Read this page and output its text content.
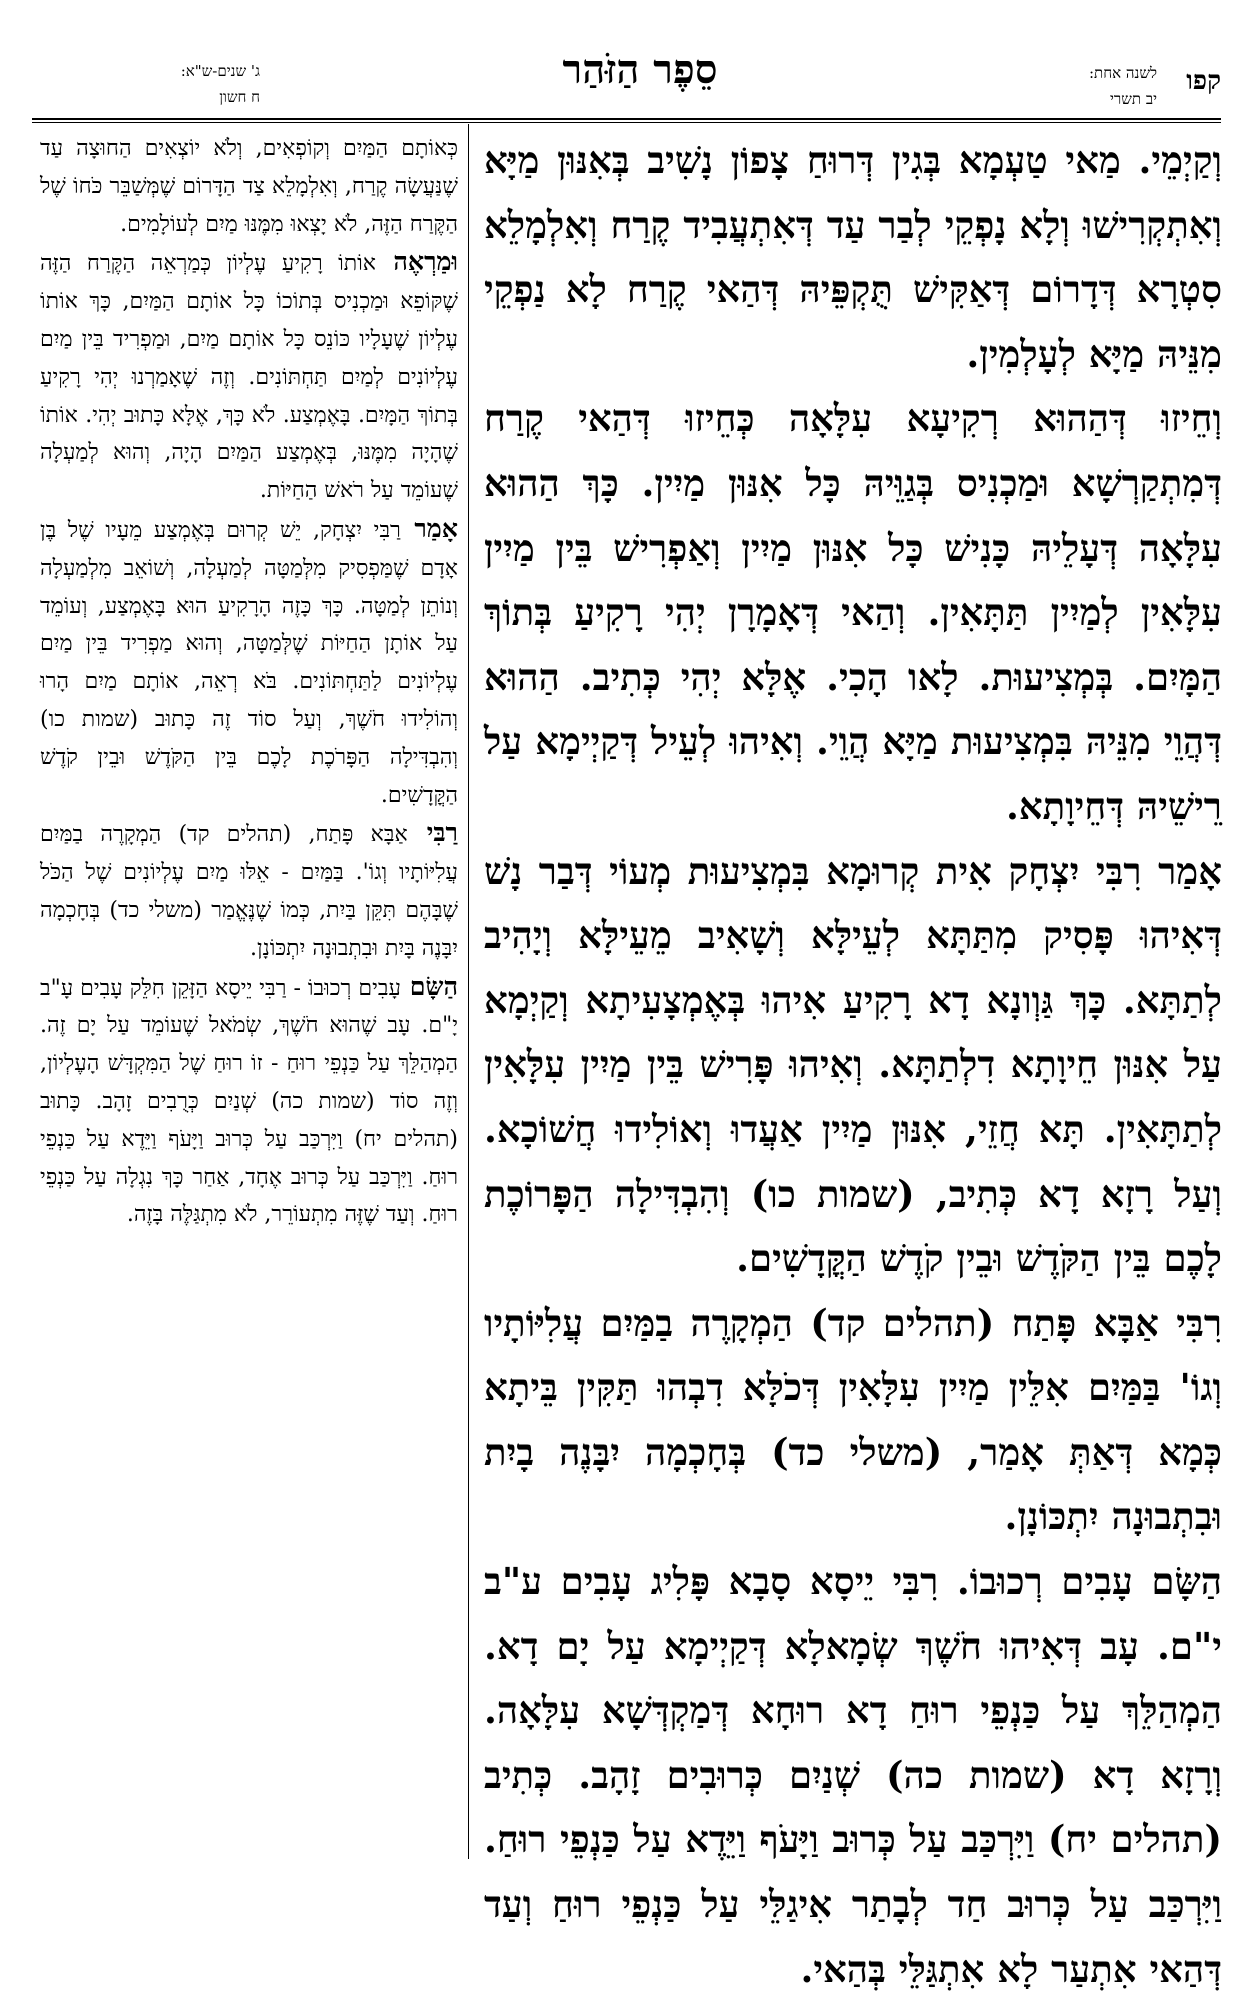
קפו
לשנה אחת:
יב תשרי
סֵפֶר הַזֹּהַר
ג' שנים-ש"א:
ח חשון

וְקַיְמֵי. מַאי טַעְמָא בְּגִין דְּרוּחַ צָפוֹן נָשִׁיב בְּאִנּוּן מַיָּא וְאִתְקְרִישׁוּ וְלָא נָפְקֵי לְבַר עַד דְּאִתְעֲבִיד קֶרַח וְאִלְמָלֵא סִטְרָא דְּדָרוֹם דְּאַקִּישׁ תֻּקְפֵּיהּ דְּהַאי קֶרַח לָא נַפְקֵי מִנֵּיהּ מַיָּא לְעָלְמִין.

וְחֵיזוּ דְּהַהוּא רְקִיעָא עִלָּאָה כְּחֵיזוּ דְּהַאי קֶרַח דְּמִתְקַרְשָׁא וּמַכְנִיס בְּגַוֵּיהּ כָּל אִנּוּן מַיִין. כָּךְ הַהוּא עִלָּאָה דְּעָלֵיהּ כָּנִישׁ כָּל אִנּוּן מַיִין וְאַפְרִישׁ בֵּין מַיִין עִלָּאִין לְמַיִין תַּתָּאִין. וְהַאי דְּאָמָרָן יְהִי רָקִיעַ בְּתוֹךְ הַמָּיִם. בְּמְצִיעוּת. לָאו הָכִי. אֶלָּא יְהִי כְּתִיב. הַהוּא דְּהֲוֵי מִנֵּיהּ בִּמְצִיעוּת מַיָּא הֲוֵי. וְאִיהוּ לְעֵיל דְּקַיְימָא עַל רֵישֵׁיהּ דְּחֵיוָתָא.

אָמַר רִבִּי יִצְחָק אִית קְרוּמָא בִּמְצִיעוּת מְעוֹי דְּבַר נָשׁ דְּאִיהוּ פָּסִיק מִתַּתָּא לְעֵילָּא וְשָׁאִיב מֵעֵילָּא וְיָהִיב לְתַתָּא. כָּךְ גַּוְונָא דָא רָקִיעַ אִיהוּ בְּאֶמְצָעִיתָא וְקַיְמָא עַל אִנּוּן חֵיוָתָא דִלְתַתָּא. וְאִיהוּ פָּרִישׁ בֵּין מַיִין עִלָּאִין לְתַתָּאִין. תָּא חֲזֵי, אִנּוּן מַיִין אַעֲדוּ וְאוֹלִידוּ חֲשׁוֹכָא. וְעַל רָזָא דָא כְּתִיב, (שמות כו) וְהִבְדִּילָה הַפָּרוֹכֶת לָכֶם בֵּין הַקֹּדֶשׁ וּבֵין קֹדֶשׁ הַקֳּדָשִׁים.

רִבִּי אַבָּא פָּתַח (תהלים קד) הַמְקָרֶה בַמַּיִם עֲלִיּוֹתָיו וְגוֹ' בַּמַּיִם אִלֵּין מַיִין עִלָּאִין דְּכֹלָּא דִבְהוּ תַּקִּין בֵּיתָא כְּמָא דְּאַתְּ אָמַר, (משלי כד) בְּחָכְמָה יִבָּנֶה בָיִת וּבִתְבוּנָה יִתְכּוֹנָן.

הַשָּׂם עָבִים רְכוּבוֹ. רִבִּי יֵיסָא סָבָא פָּלִיג עָבִים ע"ב י"ם. עָב דְּאִיהוּ חֹשֶׁךְ שְׂמָאלָא דְּקַיְימָא עַל יָם דָא. הַמְהַלֵּךְ עַל כַּנְפֵי רוּחַ דָא רוּחָא דְּמַקְדְּשָׁא עִלָּאָה. וְרָזָא דָא (שמות כה) שְׁנַיִם כְּרוּבִים זָהָב. כְּתִיב (תהלים יח) וַיִּרְכַּב עַל כְּרוּב וַיָּעֹף וַיֵּדֶא עַל כַּנְפֵי רוּחַ. וַיִּרְכַּב עַל כְּרוּב חַד לְבָתַר אִיגַלֵּי עַל כַּנְפֵי רוּחַ וְעַד דְּהַאי אִתְעַר לָא אִתְגַּלֵּי בְּהַאי.

כְּאוֹתָם הַמַּיִם וְקוֹפְאִים, וְלֹא יוֹצְאִים הַחוּצָה עַד שֶׁנַּעֲשָׂה קֶרַח, וְאִלְמָלֵא צַד הַדָּרוֹם שֶׁמְּשַׁבֵּר כֹּחוֹ שֶׁל הַקֶּרַח הַזֶּה, לֹא יָצְאוּ מִמֶּנּוּ מַיִם לְעוֹלָמִים.

וּמַרְאֶה אוֹתוֹ רָקִיעַ עֶלְיוֹן כְּמַרְאֵה הַקֶּרַח הַזֶּה שֶׁקּוֹפֵא וּמַכְנִיס בְּתוֹכוֹ כָּל אוֹתָם הַמַּיִם, כָּךְ אוֹתוֹ עֶלְיוֹן שֶׁעָלָיו כּוֹנֵס כָּל אוֹתָם מַיִם, וּמַפְרִיד בֵּין מַיִם עֶלְיוֹנִים לְמַיִם תַּחְתּוֹנִים. וְזֶה שֶׁאָמַרְנוּ יְהִי רָקִיעַ בְּתוֹךְ הַמָּיִם. בָּאֶמְצַע. לֹא כָּךְ, אֶלָּא כָּתוּב יְהִי. אוֹתוֹ שֶׁהָיָה מִמֶּנּוּ, בְּאֶמְצַע הַמַּיִם הָיָה, וְהוּא לְמַעְלָה שֶׁעוֹמֵד עַל רֹאשׁ הַחַיּוֹת.

אָמַר רַבִּי יִצְחָק, יֵשׁ קְרוּם בְּאֶמְצַע מֵעָיו שֶׁל בֶּן אָדָם שֶׁמַּפְסִיק מִלְּמַטָּה לְמַעְלָה, וְשׁוֹאֵב מִלְמַעְלָה וְנוֹתֵן לְמַטָּה. כָּךְ כָּזֶה הָרָקִיעַ הוּא בָּאֶמְצַע, וְעוֹמֵד עַל אוֹתָן הַחַיּוֹת שֶׁלְּמַטָּה, וְהוּא מַפְרִיד בֵּין מַיִם עֶלְיוֹנִים לַתַּחְתּוֹנִים. בֹּא רְאֵה, אוֹתָם מַיִם הָרוּ וְהוֹלִידוּ חֹשֶׁךְ, וְעַל סוֹד זֶה כָּתוּב (שמות כו) וְהִבְדִּילָה הַפָּרֹכֶת לָכֶם בֵּין הַקֹּדֶשׁ וּבֵין קֹדֶשׁ הַקֳּדָשִׁים.

רַבִּי אַבָּא פָּתַח, (תהלים קד) הַמְקָרֶה בַמַּיִם עֲלִיּוֹתָיו וְגוֹ'. בַּמַּיִם - אֵלּוּ מַיִם עֶלְיוֹנִים שֶׁל הַכֹּל שֶׁבָּהֶם תִּקֵּן בַּיִת, כְּמוֹ שֶׁנֶּאֱמַר (משלי כד) בְּחָכְמָה יִבָּנֶה בָּיִת וּבִתְבוּנָה יִתְכּוֹנָן.

הַשָּׂם עָבִים רְכוּבוֹ - רַבִּי יֵיסָא הַזָּקֵן חִלֵּק עָבִים עָ"ב יָ"ם. עָב שֶׁהוּא חֹשֶׁךְ, שְׂמֹאל שֶׁעוֹמֵד עַל יָם זֶה. הַמְהַלֵּךְ עַל כַּנְפֵי רוּחַ - זוֹ רוּחַ שֶׁל הַמִּקְדָּשׁ הָעֶלְיוֹן, וְזֶה סוֹד (שמות כה) שְׁנַיִם כְּרֻבִים זָהָב. כָּתוּב (תהלים יח) וַיִּרְכַּב עַל כְּרוּב וַיָּעֹף וַיֵּדֶא עַל כַּנְפֵי רוּחַ. וַיִּרְכַּב עַל כְּרוּב אֶחָד, אַחַר כָּךְ נִגְלָה עַל כַּנְפֵי רוּחַ. וְעַד שֶׁזֶּה מִתְעוֹרֵר, לֹא מִתְגַּלֶּה בָּזֶה.
